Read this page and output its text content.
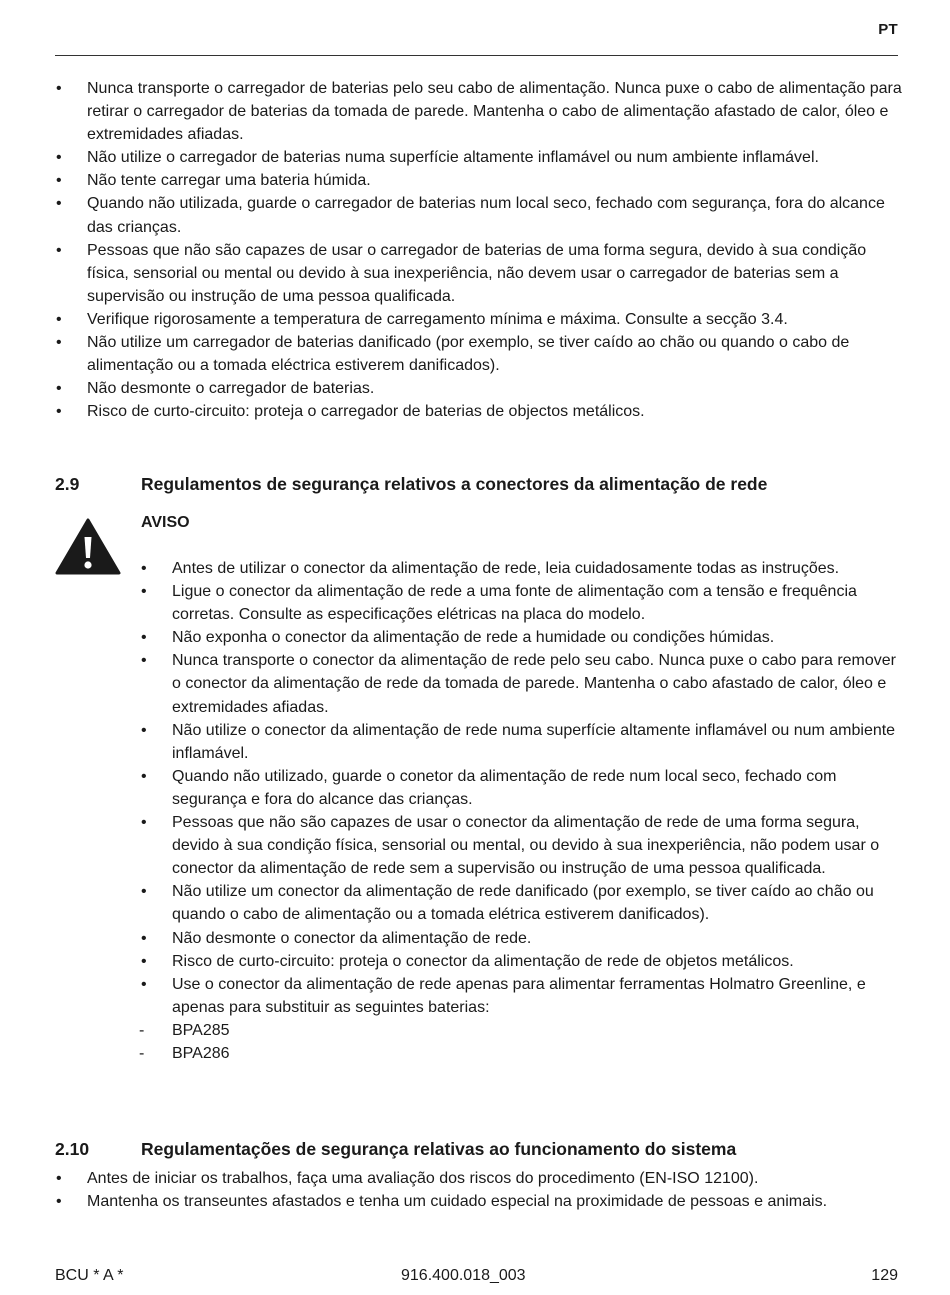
PT
• Nunca transporte o carregador de baterias pelo seu cabo de alimentação. Nunca puxe o cabo de alimentação para retirar o carregador de baterias da tomada de parede. Mantenha o cabo de alimentação afastado de calor, óleo e extremidades afiadas.
• Não utilize o carregador de baterias numa superfície altamente inflamável ou num ambiente inflamável.
• Não tente carregar uma bateria húmida.
• Quando não utilizada, guarde o carregador de baterias num local seco, fechado com segurança, fora do alcance das crianças.
• Pessoas que não são capazes de usar o carregador de baterias de uma forma segura, devido à sua condição física, sensorial ou mental ou devido à sua inexperiência, não devem usar o carregador de baterias sem a supervisão ou instrução de uma pessoa qualificada.
• Verifique rigorosamente a temperatura de carregamento mínima e máxima. Consulte a secção 3.4.
• Não utilize um carregador de baterias danificado (por exemplo, se tiver caído ao chão ou quando o cabo de alimentação ou a tomada eléctrica estiverem danificados).
• Não desmonte o carregador de baterias.
• Risco de curto-circuito: proteja o carregador de baterias de objectos metálicos.
2.9	Regulamentos de segurança relativos a conectores da alimentação de rede
AVISO
• Antes de utilizar o conector da alimentação de rede, leia cuidadosamente todas as instruções.
• Ligue o conector da alimentação de rede a uma fonte de alimentação com a tensão e frequência corretas. Consulte as especificações elétricas na placa do modelo.
• Não exponha o conector da alimentação de rede a humidade ou condições húmidas.
• Nunca transporte o conector da alimentação de rede pelo seu cabo. Nunca puxe o cabo para remover o conector da alimentação de rede da tomada de parede. Mantenha o cabo afastado de calor, óleo e extremidades afiadas.
• Não utilize o conector da alimentação de rede numa superfície altamente inflamável ou num ambiente inflamável.
• Quando não utilizado, guarde o conetor da alimentação de rede num local seco, fechado com segurança e fora do alcance das crianças.
• Pessoas que não são capazes de usar o conector da alimentação de rede de uma forma segura, devido à sua condição física, sensorial ou mental, ou devido à sua inexperiência, não podem usar o conector da alimentação de rede sem a supervisão ou instrução de uma pessoa qualificada.
• Não utilize um conector da alimentação de rede danificado (por exemplo, se tiver caído ao chão ou quando o cabo de alimentação ou a tomada elétrica estiverem danificados).
• Não desmonte o conector da alimentação de rede.
• Risco de curto-circuito: proteja o conector da alimentação de rede de objetos metálicos.
• Use o conector da alimentação de rede apenas para alimentar ferramentas Holmatro Greenline, e apenas para substituir as seguintes baterias:
- BPA285
- BPA286
2.10	Regulamentações de segurança relativas ao funcionamento do sistema
• Antes de iniciar os trabalhos, faça uma avaliação dos riscos do procedimento (EN-ISO 12100).
• Mantenha os transeuntes afastados e tenha um cuidado especial na proximidade de pessoas e animais.
BCU * A *	916.400.018_003	129
